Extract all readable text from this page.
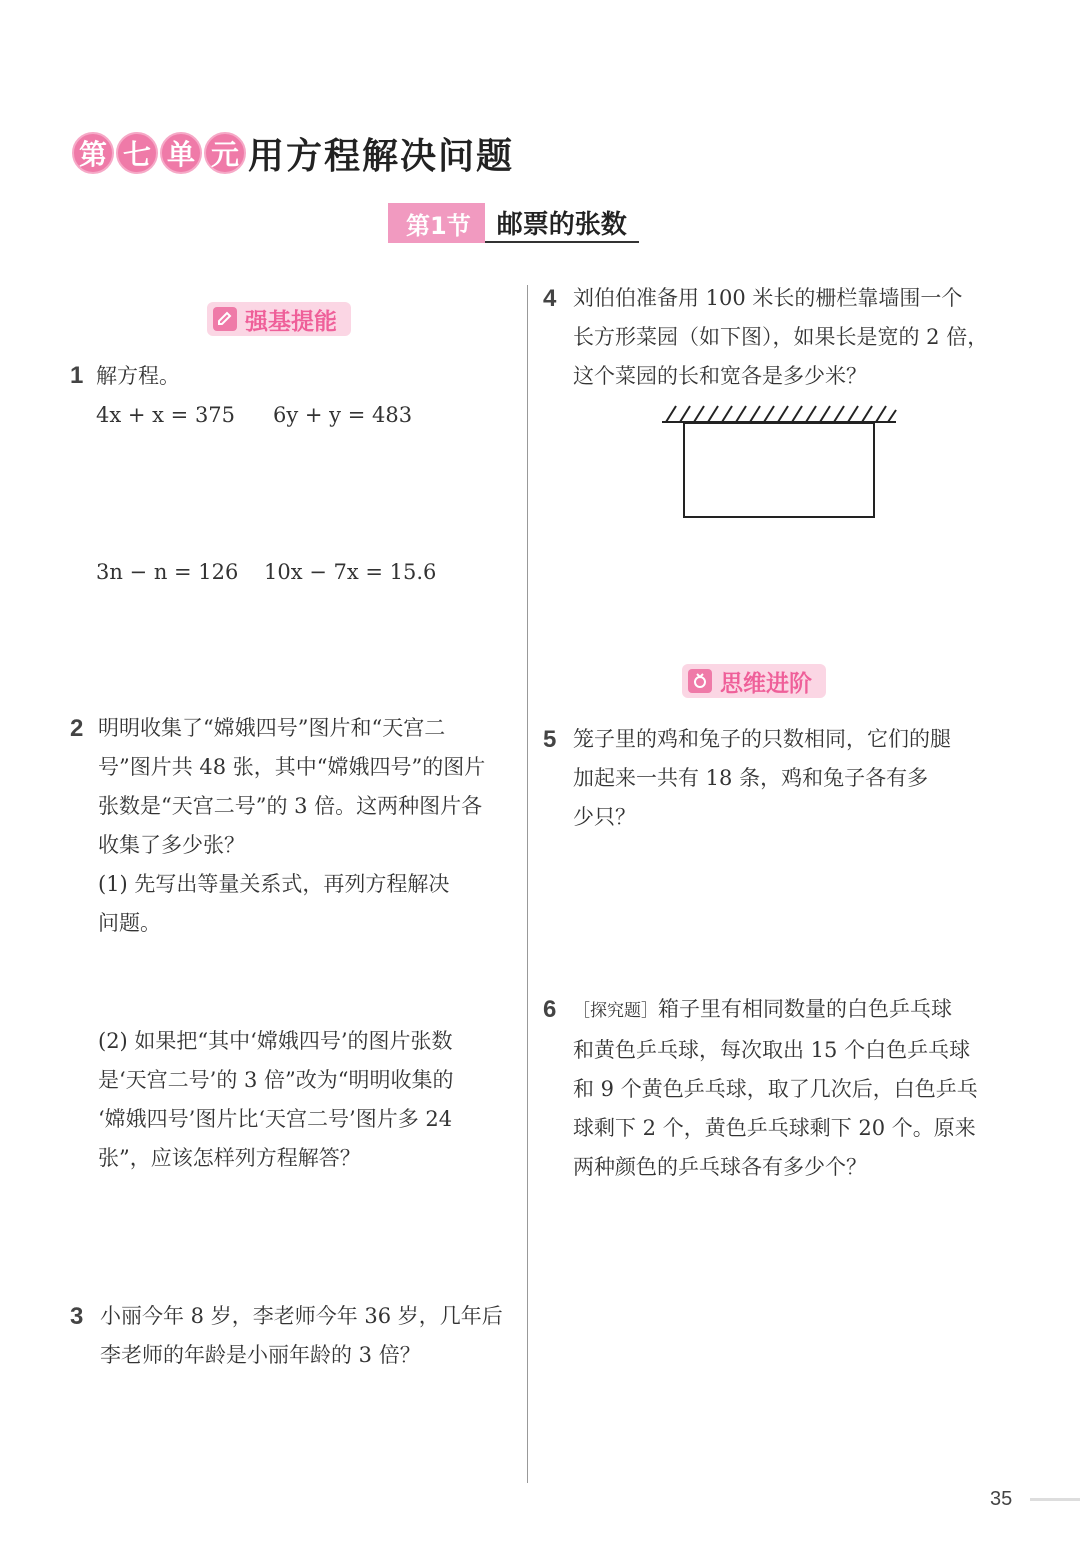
第 七 单 元 用方程解决问题
第1节	邮票的张数
强基提能
1 解方程。
4x + x = 375 6y + y = 483
3n − n = 126 10x − 7x = 15.6
2 明明收集了“嫦娥四号”图片和“天宫二
号”图片共 48 张，其中“嫦娥四号”的图片
张数是“天宫二号”的 3 倍。这两种图片各
收集了多少张？
(1) 先写出等量关系式，再列方程解决
问题。
(2) 如果把“其中‘嫦娥四号’的图片张数
是‘天宫二号’的 3 倍”改为“明明收集的
‘嫦娥四号’图片比‘天宫二号’图片多 24
张”，应该怎样列方程解答？
3 小丽今年 8 岁，李老师今年 36 岁，几年后
李老师的年龄是小丽年龄的 3 倍？
4 刘伯伯准备用 100 米长的栅栏靠墙围一个
长方形菜园（如下图），如果长是宽的 2 倍，
这个菜园的长和宽各是多少米？
思维进阶
5 笼子里的鸡和兔子的只数相同，它们的腿
加起来一共有 18 条，鸡和兔子各有多
少只？
6 ［探究题］箱子里有相同数量的白色乒乓球
和黄色乒乓球，每次取出 15 个白色乒乓球
和 9 个黄色乒乓球，取了几次后，白色乒乓
球剩下 2 个，黄色乒乓球剩下 20 个。原来
两种颜色的乒乓球各有多少个？
35
